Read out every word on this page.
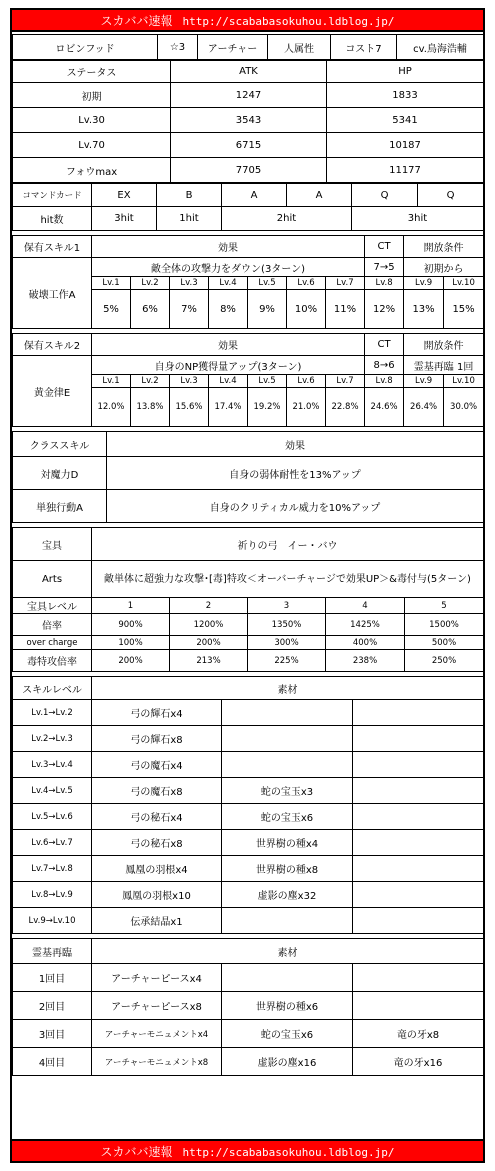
スカババ速報 http://scababasokuhou.ldblog.jp/
ロビンフッド	☆3	アーチャー	人属性	コスト7	cv.鳥海浩輔
ステータス	ATK	HP
初期	1247	1833
Lv.30	3543	5341
Lv.70	6715	10187
フォウmax	7705	11177
コマンドカード	EX	B	A	A	Q	Q
hit数	3hit	1hit	2hit		3hit	
保有スキル1	効果							CT	開放条件	
破壊工作A	敵全体の攻撃力をダウン(3ターン)							7→5	初期から	
	Lv.1	Lv.2	Lv.3	Lv.4	Lv.5	Lv.6	Lv.7	Lv.8	Lv.9	Lv.10
	5%	6%	7%	8%	9%	10%	11%	12%	13%	15%
保有スキル2	効果							CT	開放条件	
黄金律E	自身のNP獲得量アップ(3ターン)							8→6	霊基再臨 1回	
	Lv.1	Lv.2	Lv.3	Lv.4	Lv.5	Lv.6	Lv.7	Lv.8	Lv.9	Lv.10
	12.0%	13.8%	15.6%	17.4%	19.2%	21.0%	22.8%	24.6%	26.4%	30.0%
クラススキル	効果
対魔力D	自身の弱体耐性を13%アップ
単独行動A	自身のクリティカル威力を10%アップ
宝具	祈りの弓　イー・バウ				
Arts	敵単体に超強力な攻撃･[毒]特攻＜オーバーチャージで効果UP＞&毒付与(5ターン)				
宝具レベル	1	2	3	4	5
倍率	900%	1200%	1350%	1425%	1500%
over charge	100%	200%	300%	400%	500%
毒特攻倍率	200%	213%	225%	238%	250%
スキルレベル	素材		
Lv.1→Lv.2	弓の輝石x4		
Lv.2→Lv.3	弓の輝石x8		
Lv.3→Lv.4	弓の魔石x4		
Lv.4→Lv.5	弓の魔石x8	蛇の宝玉x3	
Lv.5→Lv.6	弓の秘石x4	蛇の宝玉x6	
Lv.6→Lv.7	弓の秘石x8	世界樹の種x4	
Lv.7→Lv.8	鳳凰の羽根x4	世界樹の種x8	
Lv.8→Lv.9	鳳凰の羽根x10	虚影の塵x32	
Lv.9→Lv.10	伝承結晶x1		
霊基再臨	素材		
1回目	アーチャーピースx4		
2回目	アーチャーピースx8	世界樹の種x6	
3回目	アーチャーモニュメントx4	蛇の宝玉x6	竜の牙x8
4回目	アーチャーモニュメントx8	虚影の塵x16	竜の牙x16
スカババ速報 http://scababasokuhou.ldblog.jp/
